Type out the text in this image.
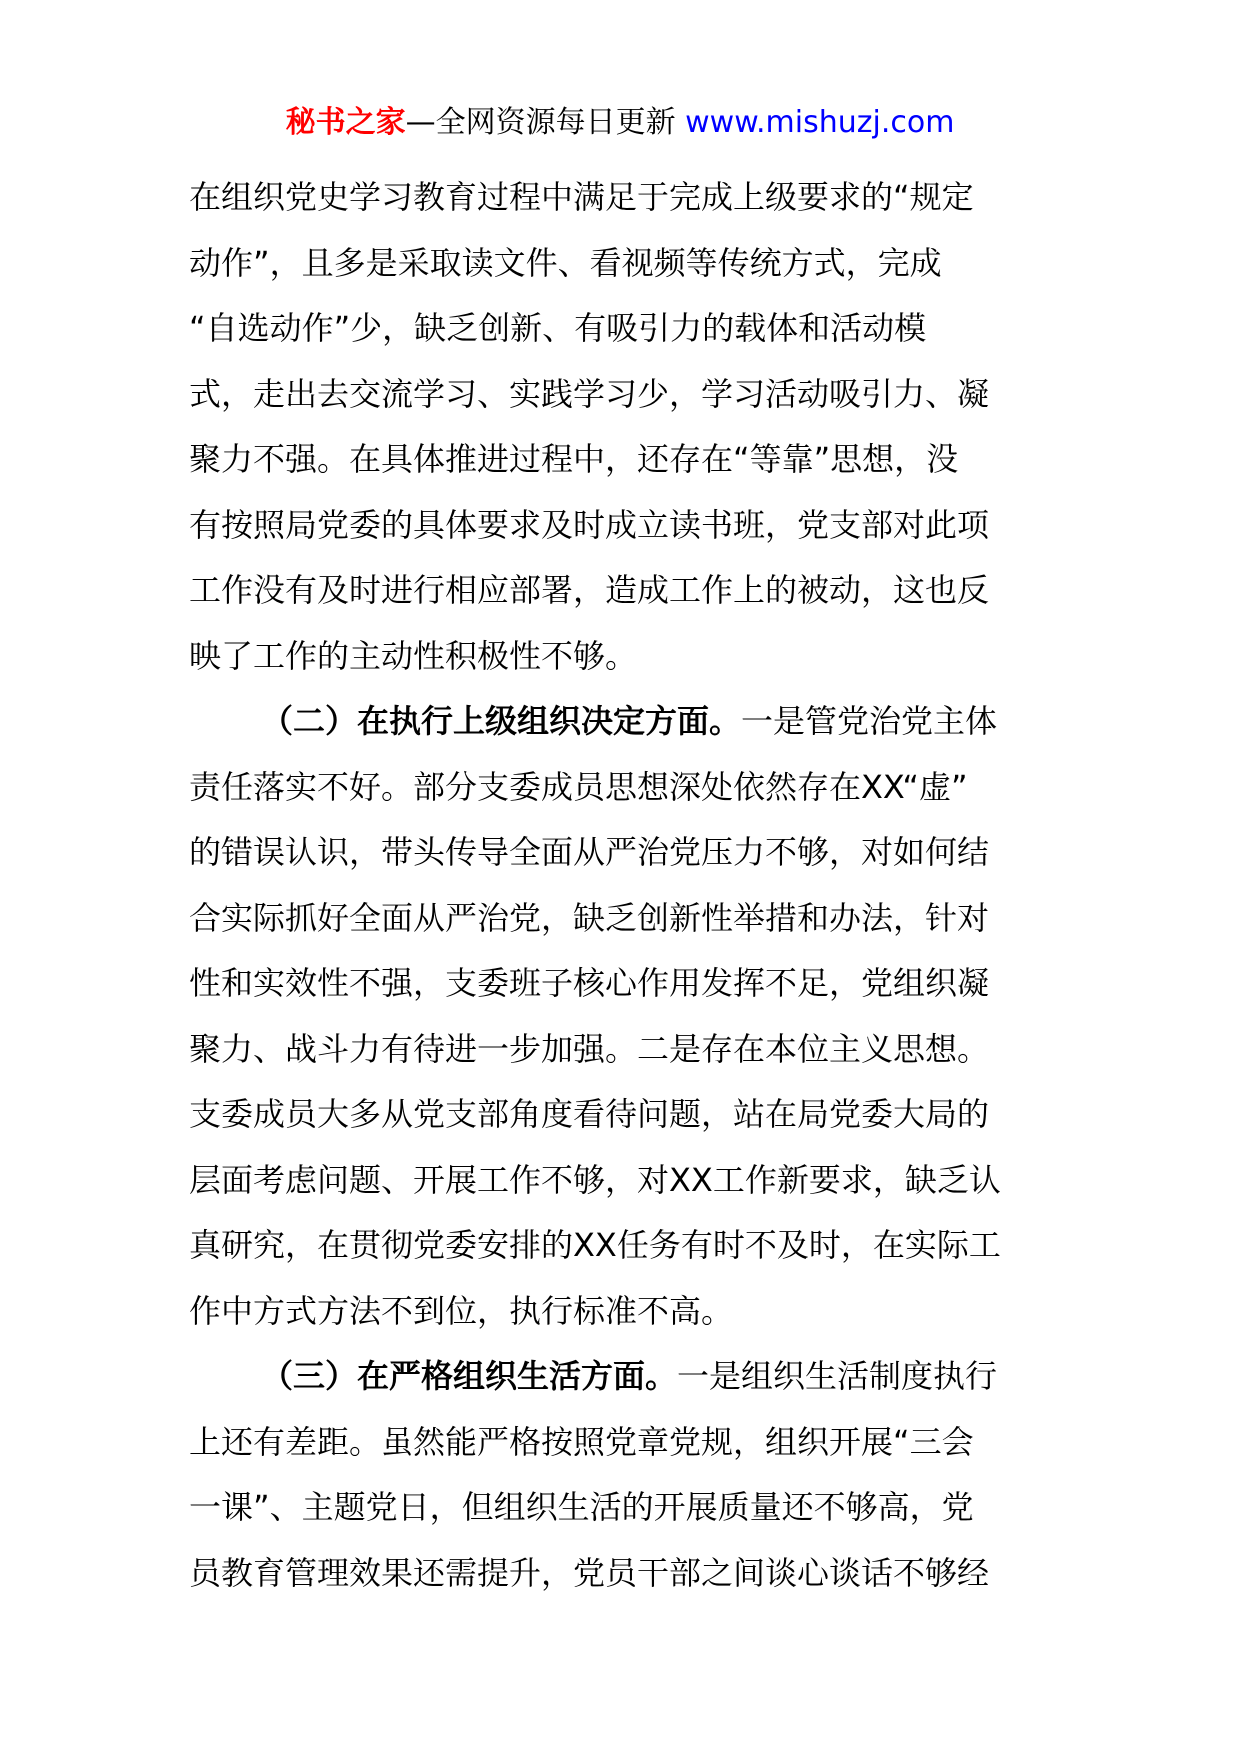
秘书之家—全网资源每日更新 www.mishuzj.com
在组织党史学习教育过程中满足于完成上级要求的“规定
动作”，且多是采取读文件、看视频等传统方式，完成
“自选动作”少，缺乏创新、有吸引力的载体和活动模
式，走出去交流学习、实践学习少，学习活动吸引力、凝
聚力不强。在具体推进过程中，还存在“等靠”思想，没
有按照局党委的具体要求及时成立读书班，党支部对此项
工作没有及时进行相应部署，造成工作上的被动，这也反
映了工作的主动性积极性不够。
（二）在执行上级组织决定方面。一是管党治党主体
责任落实不好。部分支委成员思想深处依然存在XX“虚”
的错误认识，带头传导全面从严治党压力不够，对如何结
合实际抓好全面从严治党，缺乏创新性举措和办法，针对
性和实效性不强，支委班子核心作用发挥不足，党组织凝
聚力、战斗力有待进一步加强。二是存在本位主义思想。
支委成员大多从党支部角度看待问题，站在局党委大局的
层面考虑问题、开展工作不够，对XX工作新要求，缺乏认
真研究，在贯彻党委安排的XX任务有时不及时，在实际工
作中方式方法不到位，执行标准不高。
（三）在严格组织生活方面。一是组织生活制度执行
上还有差距。虽然能严格按照党章党规，组织开展“三会
一课”、主题党日，但组织生活的开展质量还不够高，党
员教育管理效果还需提升，党员干部之间谈心谈话不够经
